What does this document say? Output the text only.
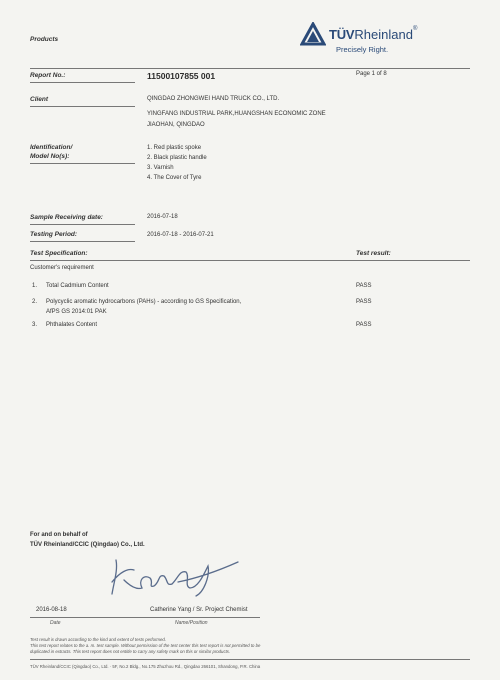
Products	TÜVRheinland®
Precisely Right.
Report No.:	11500107855 001	Page 1 of 8
Client	QINGDAO ZHONGWEI HAND TRUCK CO., LTD.
YINGFANG INDUSTRIAL PARK,HUANGSHAN ECONOMIC ZONE
JIAOHAN, QINGDAO
Identification/
Model No(s):
1. Red plastic spoke
2. Black plastic handle
3. Varnish
4. The Cover of Tyre
Sample Receiving date:	2016-07-18
Testing Period:	2016-07-18 - 2016-07-21
Test Specification:	Test result:
Customer's requirement
1. Total Cadmium Content	PASS
2. Polycyclic aromatic hydrocarbons (PAHs) - according to GS Specification,
AfPS GS 2014:01 PAK
PASS
3. Phthalates Content	PASS
For and on behalf of
TÜV Rheinland/CCIC (Qingdao) Co., Ltd.
2016-08-18	Catherine Yang / Sr. Project Chemist
Date	Name/Position
Test result is drawn according to the kind and extent of tests performed.
This test report relates to the a. m. test sample. Without permission of the test center this test report is not permitted to be
duplicated in extracts. This test report does not entitle to carry any safety mark on this or similar products.
TÜV Rheinland/CCIC (Qingdao) Co., Ltd. · 5F, No.2 Bldg., No.175 Zhuzhou Rd., Qingdao 266101, Shandong, P.R. China
